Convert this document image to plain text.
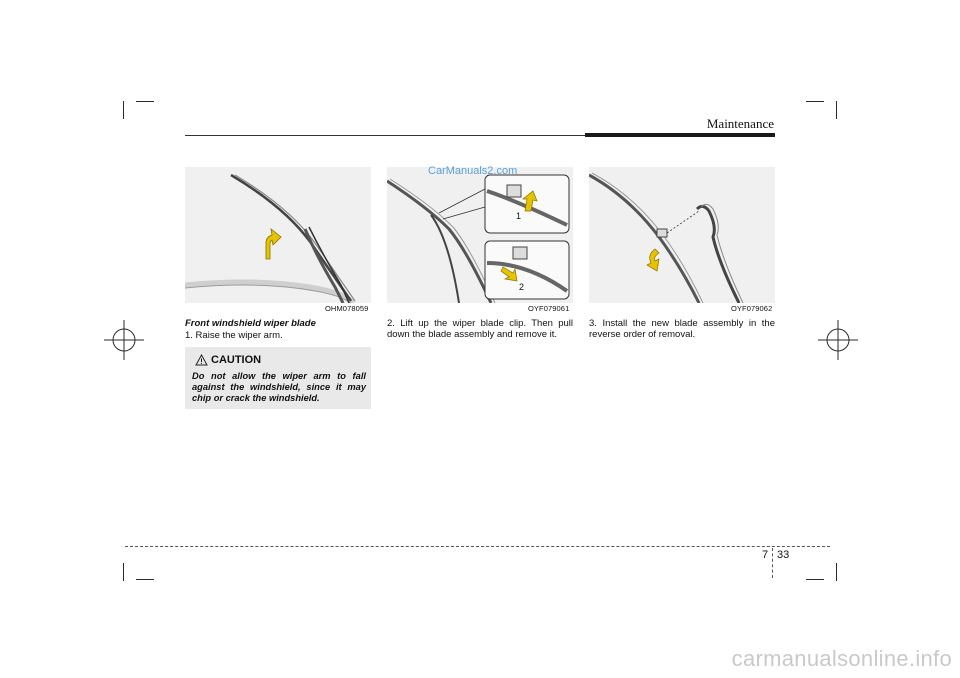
Maintenance
OHM078059
1
2
OYF079061
CarManuals2.com
OYF079062
Front windshield wiper blade
1. Raise the wiper arm.
CAUTION
Do not allow the wiper arm to fall against the windshield, since it may chip or crack the windshield.
2. Lift up the wiper blade clip. Then pull down the blade assembly and remove it.
3. Install the new blade assembly in the reverse order of removal.
7 33
carmanualsonline.info
